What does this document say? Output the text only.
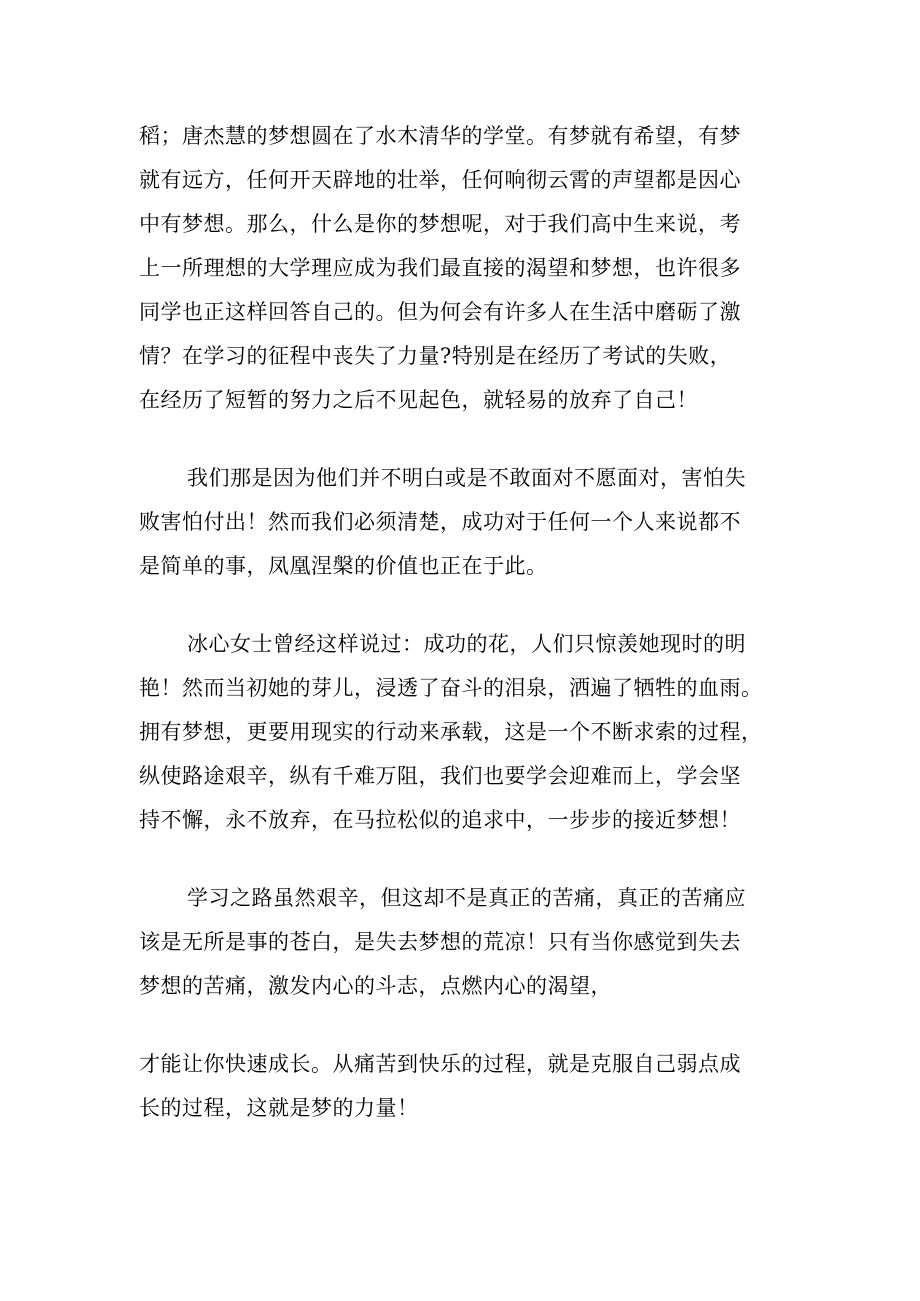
稻；唐杰慧的梦想圆在了水木清华的学堂。有梦就有希望，有梦
就有远方，任何开天辟地的壮举，任何响彻云霄的声望都是因心
中有梦想。那么，什么是你的梦想呢，对于我们高中生来说，考
上一所理想的大学理应成为我们最直接的渴望和梦想，也许很多
同学也正这样回答自己的。但为何会有许多人在生活中磨砺了激
情？在学习的征程中丧失了力量?特别是在经历了考试的失败，
在经历了短暂的努力之后不见起色，就轻易的放弃了自己！
我们那是因为他们并不明白或是不敢面对不愿面对，害怕失
败害怕付出！然而我们必须清楚，成功对于任何一个人来说都不
是简单的事，凤凰涅槃的价值也正在于此。
冰心女士曾经这样说过：成功的花，人们只惊羡她现时的明
艳！然而当初她的芽儿，浸透了奋斗的泪泉，洒遍了牺牲的血雨。
拥有梦想，更要用现实的行动来承载，这是一个不断求索的过程，
纵使路途艰辛，纵有千难万阻，我们也要学会迎难而上，学会坚
持不懈，永不放弃，在马拉松似的追求中，一步步的接近梦想！
学习之路虽然艰辛，但这却不是真正的苦痛，真正的苦痛应
该是无所是事的苍白，是失去梦想的荒凉！只有当你感觉到失去
梦想的苦痛，激发内心的斗志，点燃内心的渴望，
才能让你快速成长。从痛苦到快乐的过程，就是克服自己弱点成
长的过程，这就是梦的力量！
